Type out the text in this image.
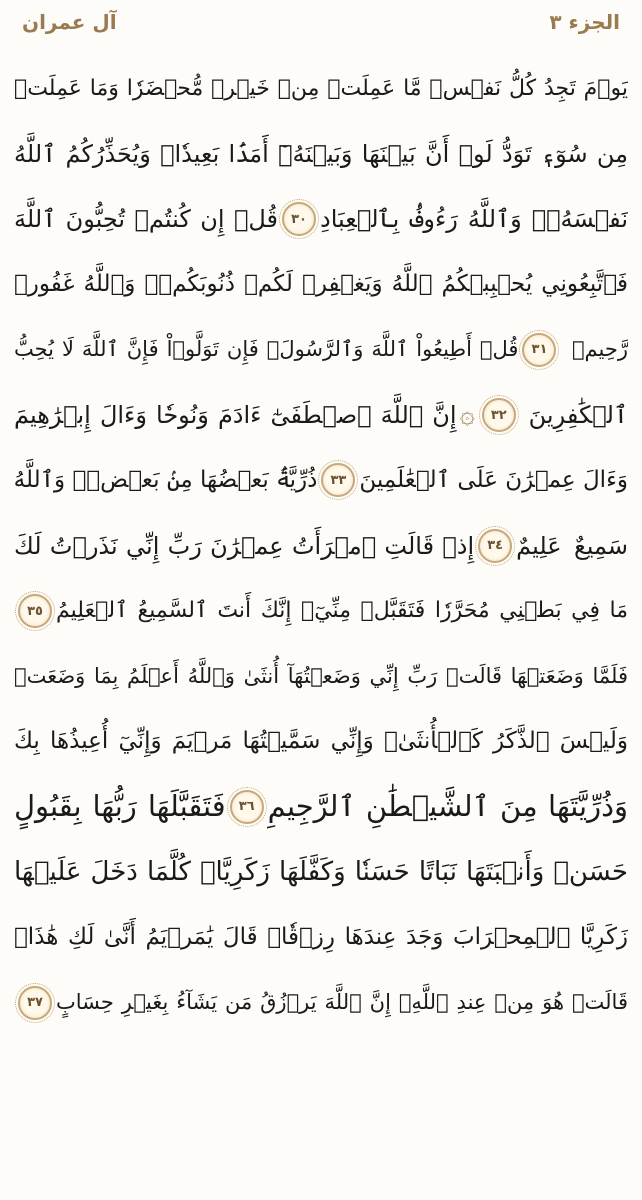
آل عمران	الجزء ٣
يَوۡمَ تَجِدُ كُلُّ نَفۡسٖ مَّا عَمِلَتۡ مِنۡ خَيۡرٖ مُّحۡضَرٗا وَمَا عَمِلَتۡ
مِن سُوٓءٖ تَوَدُّ لَوۡ أَنَّ بَيۡنَهَا وَبَيۡنَهُۥٓ أَمَدَۢا بَعِيدٗاۗ وَيُحَذِّرُكُمُ ٱللَّهُ
نَفۡسَهُۥۗ وَٱللَّهُ رَءُوفُۢ بِٱلۡعِبَادِ
٣٠
قُلۡ إِن كُنتُمۡ تُحِبُّونَ ٱللَّهَ
فَٱتَّبِعُونِي يُحۡبِبۡكُمُ ٱللَّهُ وَيَغۡفِرۡ لَكُمۡ ذُنُوبَكُمۡۚ وَٱللَّهُ غَفُورٞ
رَّحِيمٞ
٣١
قُلۡ أَطِيعُواْ ٱللَّهَ وَٱلرَّسُولَۖ فَإِن تَوَلَّوۡاْ فَإِنَّ ٱللَّهَ لَا يُحِبُّ
ٱلۡكَٰفِرِينَ
٣٢
۞
إِنَّ ٱللَّهَ ٱصۡطَفَىٰٓ ءَادَمَ وَنُوحٗا وَءَالَ إِبۡرَٰهِيمَ
وَءَالَ عِمۡرَٰنَ عَلَى ٱلۡعَٰلَمِينَ
٣٣
ذُرِّيَّةَۢ بَعۡضُهَا مِنۢ بَعۡضٖۗ وَٱللَّهُ
سَمِيعٌ عَلِيمٌ
٣٤
إِذۡ قَالَتِ ٱمۡرَأَتُ عِمۡرَٰنَ رَبِّ إِنِّي نَذَرۡتُ لَكَ
مَا فِي بَطۡنِي مُحَرَّرٗا فَتَقَبَّلۡ مِنِّيٓۖ إِنَّكَ أَنتَ ٱلسَّمِيعُ ٱلۡعَلِيمُ
٣٥
فَلَمَّا وَضَعَتۡهَا قَالَتۡ رَبِّ إِنِّي وَضَعۡتُهَآ أُنثَىٰ وَٱللَّهُ أَعۡلَمُ بِمَا وَضَعَتۡ
وَلَيۡسَ ٱلذَّكَرُ كَٱلۡأُنثَىٰۖ وَإِنِّي سَمَّيۡتُهَا مَرۡيَمَ وَإِنِّيٓ أُعِيذُهَا بِكَ
وَذُرِّيَّتَهَا مِنَ ٱلشَّيۡطَٰنِ ٱلرَّجِيمِ
٣٦
فَتَقَبَّلَهَا رَبُّهَا بِقَبُولٍ
حَسَنٖ وَأَنۢبَتَهَا نَبَاتًا حَسَنٗا وَكَفَّلَهَا زَكَرِيَّاۖ كُلَّمَا دَخَلَ عَلَيۡهَا
زَكَرِيَّا ٱلۡمِحۡرَابَ وَجَدَ عِندَهَا رِزۡقٗاۖ قَالَ يَٰمَرۡيَمُ أَنَّىٰ لَكِ هَٰذَاۖ
قَالَتۡ هُوَ مِنۡ عِندِ ٱللَّهِۖ إِنَّ ٱللَّهَ يَرۡزُقُ مَن يَشَآءُ بِغَيۡرِ حِسَابٍ
٣٧
